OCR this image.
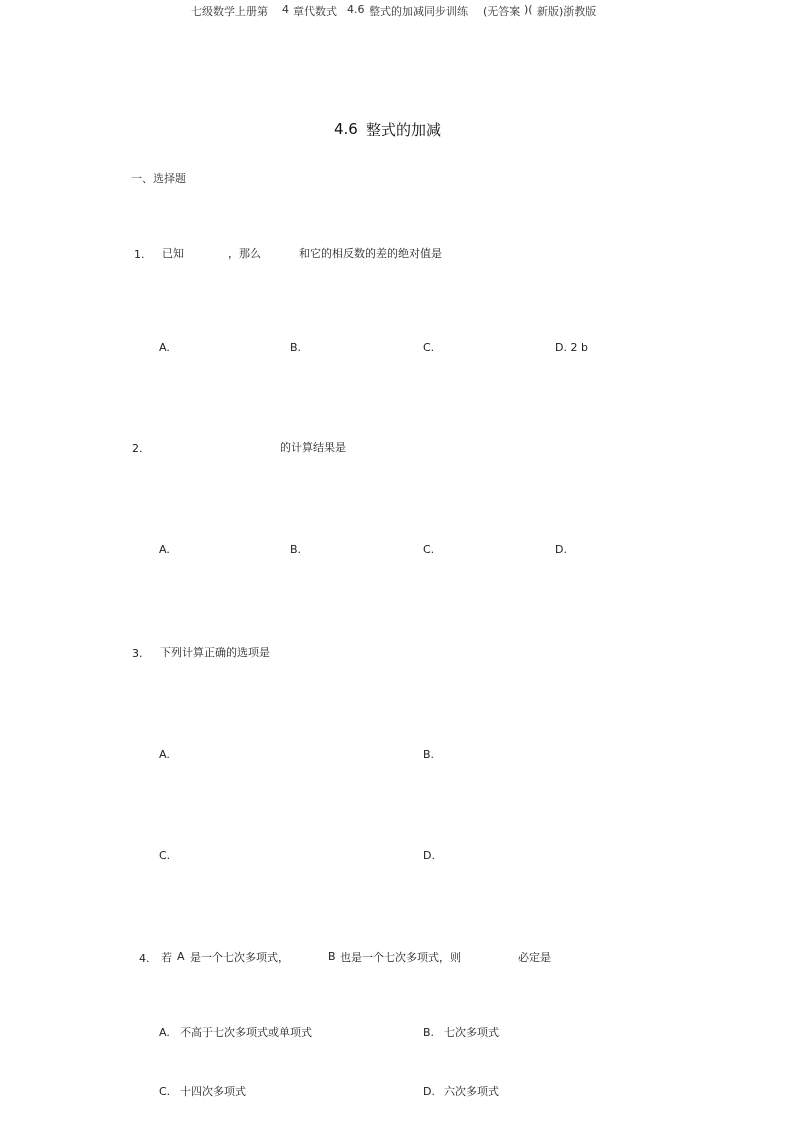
七级数学上册第 4 章代数式 4.6 整式的加减同步训练 (无答案 )( 新版)浙教版
4.6 整式的加减
一、选择题
1. 已知	，那么	和它的相反数的差的绝对值是
A.	B.	C.	D. 2 b
2.	的计算结果是
A.	B.	C.	D.
3. 下列计算正确的选项是
A.	B.
C.	D.
4. 若 A 是一个七次多项式，	B 也是一个七次多项式，则	必定是
A. 不高于七次多项式或单项式	B. 七次多项式
C. 十四次多项式	D. 六次多项式
